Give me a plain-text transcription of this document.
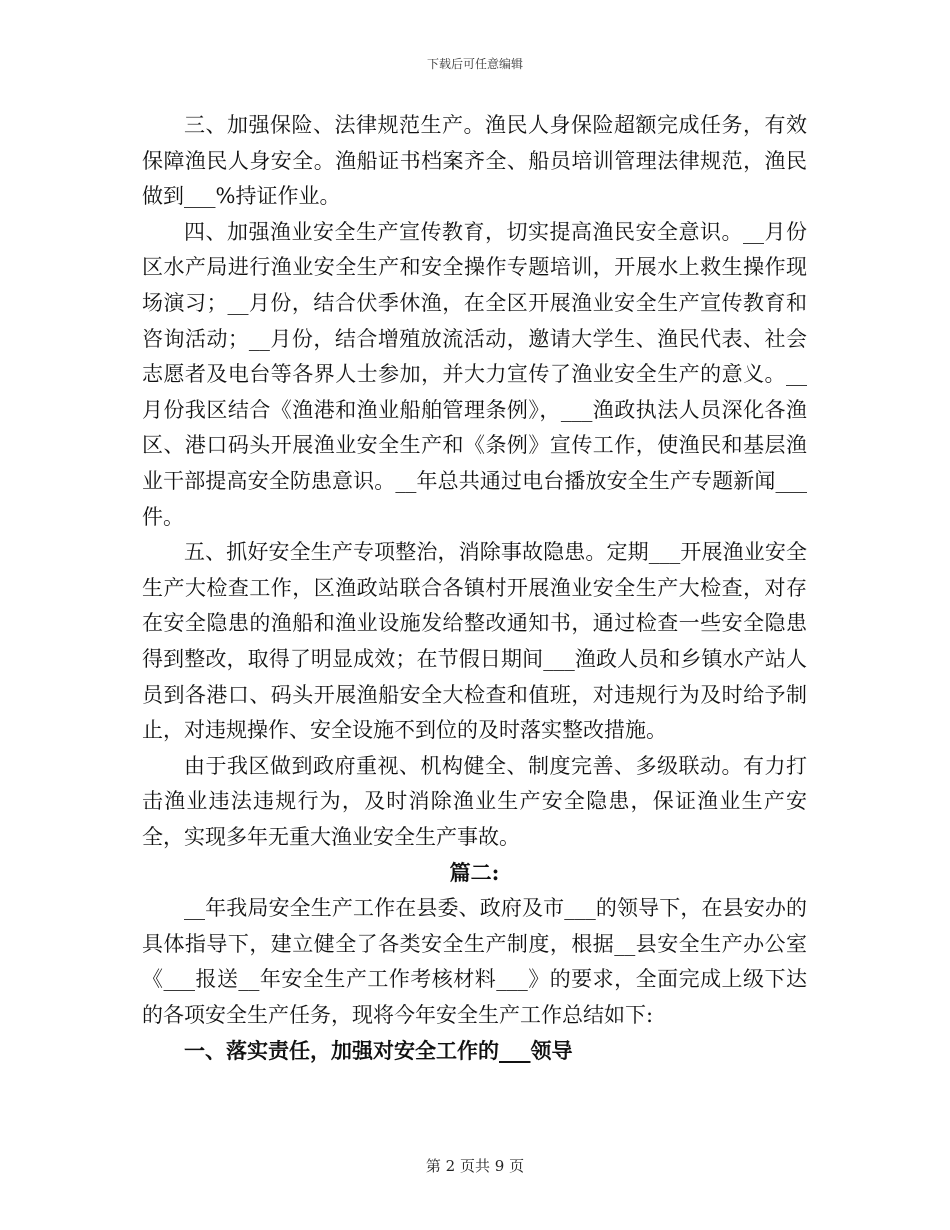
下载后可任意编辑

三、加强保险、法律规范生产。渔民人身保险超额完成任务，有效保障渔民人身安全。渔船证书档案齐全、船员培训管理法律规范，渔民做到___%持证作业。

四、加强渔业安全生产宣传教育，切实提高渔民安全意识。__月份区水产局进行渔业安全生产和安全操作专题培训，开展水上救生操作现场演习；__月份，结合伏季休渔，在全区开展渔业安全生产宣传教育和咨询活动；__月份，结合增殖放流活动，邀请大学生、渔民代表、社会志愿者及电台等各界人士参加，并大力宣传了渔业安全生产的意义。__月份我区结合《渔港和渔业船舶管理条例》，___渔政执法人员深化各渔区、港口码头开展渔业安全生产和《条例》宣传工作，使渔民和基层渔业干部提高安全防患意识。__年总共通过电台播放安全生产专题新闻___件。

五、抓好安全生产专项整治，消除事故隐患。定期___开展渔业安全生产大检查工作，区渔政站联合各镇村开展渔业安全生产大检查，对存在安全隐患的渔船和渔业设施发给整改通知书，通过检查一些安全隐患得到整改，取得了明显成效；在节假日期间___渔政人员和乡镇水产站人员到各港口、码头开展渔船安全大检查和值班，对违规行为及时给予制止，对违规操作、安全设施不到位的及时落实整改措施。

由于我区做到政府重视、机构健全、制度完善、多级联动。有力打击渔业违法违规行为，及时消除渔业生产安全隐患，保证渔业生产安全，实现多年无重大渔业安全生产事故。

篇二:

__年我局安全生产工作在县委、政府及市___的领导下，在县安办的具体指导下，建立健全了各类安全生产制度，根据__县安全生产办公室《___报送__年安全生产工作考核材料___》的要求，全面完成上级下达的各项安全生产任务，现将今年安全生产工作总结如下:

一、落实责任，加强对安全工作的___领导

第 2 页共 9 页
